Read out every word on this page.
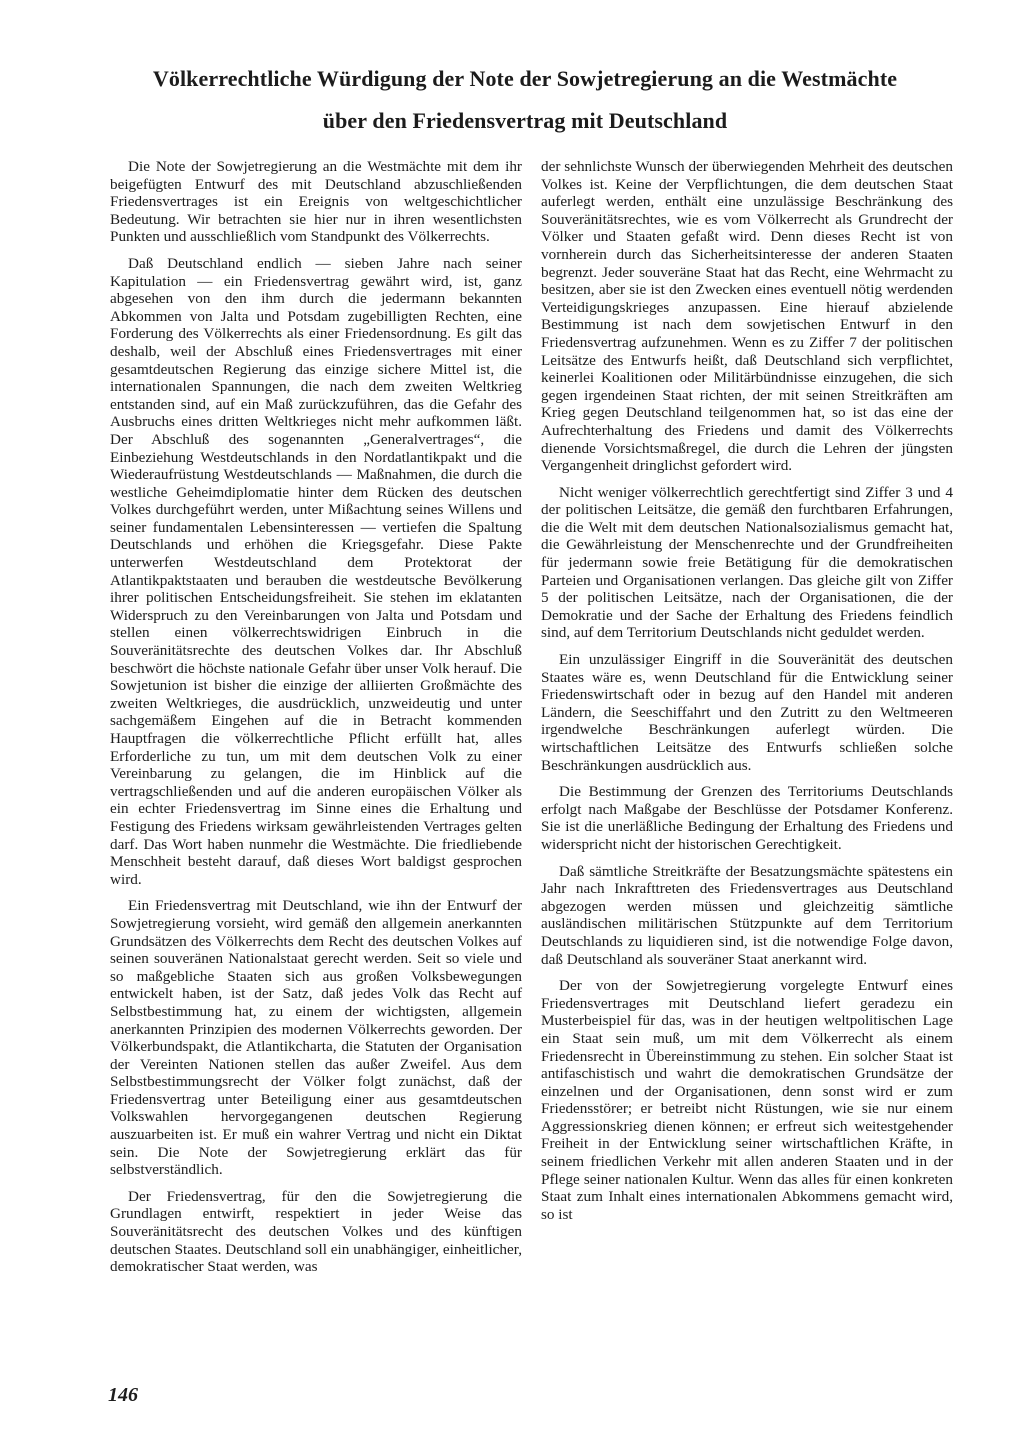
Völkerrechtliche Würdigung der Note der Sowjetregierung an die Westmächte

über den Friedensvertrag mit Deutschland

Die Note der Sowjetregierung an die Westmächte mit dem ihr beigefügten Entwurf des mit Deutschland abzuschließenden Friedensvertrages ist ein Ereignis von weltgeschichtlicher Bedeutung. Wir betrachten sie hier nur in ihren wesentlichsten Punkten und ausschließlich vom Standpunkt des Völkerrechts.

Daß Deutschland endlich — sieben Jahre nach seiner Kapitulation — ein Friedensvertrag gewährt wird, ist, ganz abgesehen von den ihm durch die jedermann bekannten Abkommen von Jalta und Potsdam zugebilligten Rechten, eine Forderung des Völkerrechts als einer Friedensordnung. Es gilt das deshalb, weil der Abschluß eines Friedensvertrages mit einer gesamtdeutschen Regierung das einzige sichere Mittel ist, die internationalen Spannungen, die nach dem zweiten Weltkrieg entstanden sind, auf ein Maß zurückzuführen, das die Gefahr des Ausbruchs eines dritten Weltkrieges nicht mehr aufkommen läßt. Der Abschluß des sogenannten „Generalvertrages“, die Einbeziehung Westdeutschlands in den Nordatlantikpakt und die Wiederaufrüstung Westdeutschlands — Maßnahmen, die durch die westliche Geheimdiplomatie hinter dem Rücken des deutschen Volkes durchgeführt werden, unter Mißachtung seines Willens und seiner fundamentalen Lebensinteressen — vertiefen die Spaltung Deutschlands und erhöhen die Kriegsgefahr. Diese Pakte unterwerfen Westdeutschland dem Protektorat der Atlantikpaktstaaten und berauben die westdeutsche Bevölkerung ihrer politischen Entscheidungsfreiheit. Sie stehen im eklatanten Widerspruch zu den Vereinbarungen von Jalta und Potsdam und stellen einen völkerrechtswidrigen Einbruch in die Souveränitätsrechte des deutschen Volkes dar. Ihr Abschluß beschwört die höchste nationale Gefahr über unser Volk herauf. Die Sowjetunion ist bisher die einzige der alliierten Großmächte des zweiten Weltkrieges, die ausdrücklich, unzweideutig und unter sachgemäßem Eingehen auf die in Betracht kommenden Hauptfragen die völkerrechtliche Pflicht erfüllt hat, alles Erforderliche zu tun, um mit dem deutschen Volk zu einer Vereinbarung zu gelangen, die im Hinblick auf die vertragschließenden und auf die anderen europäischen Völker als ein echter Friedensvertrag im Sinne eines die Erhaltung und Festigung des Friedens wirksam gewährleistenden Vertrages gelten darf. Das Wort haben nunmehr die Westmächte. Die friedliebende Menschheit besteht darauf, daß dieses Wort baldigst gesprochen wird.

Ein Friedensvertrag mit Deutschland, wie ihn der Entwurf der Sowjetregierung vorsieht, wird gemäß den allgemein anerkannten Grundsätzen des Völkerrechts dem Recht des deutschen Volkes auf seinen souveränen Nationalstaat gerecht werden. Seit so viele und so maßgebliche Staaten sich aus großen Volksbewegungen entwickelt haben, ist der Satz, daß jedes Volk das Recht auf Selbstbestimmung hat, zu einem der wichtigsten, allgemein anerkannten Prinzipien des modernen Völkerrechts geworden. Der Völkerbundspakt, die Atlantikcharta, die Statuten der Organisation der Vereinten Nationen stellen das außer Zweifel. Aus dem Selbstbestimmungsrecht der Völker folgt zunächst, daß der Friedensvertrag unter Beteiligung einer aus gesamtdeutschen Volkswahlen hervorgegangenen deutschen Regierung auszuarbeiten ist. Er muß ein wahrer Vertrag und nicht ein Diktat sein. Die Note der Sowjetregierung erklärt das für selbstverständlich.

Der Friedensvertrag, für den die Sowjetregierung die Grundlagen entwirft, respektiert in jeder Weise das Souveränitätsrecht des deutschen Volkes und des künftigen deutschen Staates. Deutschland soll ein unabhängiger, einheitlicher, demokratischer Staat werden, was

der sehnlichste Wunsch der überwiegenden Mehrheit des deutschen Volkes ist. Keine der Verpflichtungen, die dem deutschen Staat auferlegt werden, enthält eine unzulässige Beschränkung des Souveränitätsrechtes, wie es vom Völkerrecht als Grundrecht der Völker und Staaten gefaßt wird. Denn dieses Recht ist von vornherein durch das Sicherheitsinteresse der anderen Staaten begrenzt. Jeder souveräne Staat hat das Recht, eine Wehrmacht zu besitzen, aber sie ist den Zwecken eines eventuell nötig werdenden Verteidigungskrieges anzupassen. Eine hierauf abzielende Bestimmung ist nach dem sowjetischen Entwurf in den Friedensvertrag aufzunehmen. Wenn es zu Ziffer 7 der politischen Leitsätze des Entwurfs heißt, daß Deutschland sich verpflichtet, keinerlei Koalitionen oder Militärbündnisse einzugehen, die sich gegen irgendeinen Staat richten, der mit seinen Streitkräften am Krieg gegen Deutschland teilgenommen hat, so ist das eine der Aufrechterhaltung des Friedens und damit des Völkerrechts dienende Vorsichtsmaßregel, die durch die Lehren der jüngsten Vergangenheit dringlichst gefordert wird.

Nicht weniger völkerrechtlich gerechtfertigt sind Ziffer 3 und 4 der politischen Leitsätze, die gemäß den furchtbaren Erfahrungen, die die Welt mit dem deutschen Nationalsozialismus gemacht hat, die Gewährleistung der Menschenrechte und der Grundfreiheiten für jedermann sowie freie Betätigung für die demokratischen Parteien und Organisationen verlangen. Das gleiche gilt von Ziffer 5 der politischen Leitsätze, nach der Organisationen, die der Demokratie und der Sache der Erhaltung des Friedens feindlich sind, auf dem Territorium Deutschlands nicht geduldet werden.

Ein unzulässiger Eingriff in die Souveränität des deutschen Staates wäre es, wenn Deutschland für die Entwicklung seiner Friedenswirtschaft oder in bezug auf den Handel mit anderen Ländern, die Seeschiffahrt und den Zutritt zu den Weltmeeren irgendwelche Beschränkungen auferlegt würden. Die wirtschaftlichen Leitsätze des Entwurfs schließen solche Beschränkungen ausdrücklich aus.

Die Bestimmung der Grenzen des Territoriums Deutschlands erfolgt nach Maßgabe der Beschlüsse der Potsdamer Konferenz. Sie ist die unerläßliche Bedingung der Erhaltung des Friedens und widerspricht nicht der historischen Gerechtigkeit.

Daß sämtliche Streitkräfte der Besatzungsmächte spätestens ein Jahr nach Inkrafttreten des Friedensvertrages aus Deutschland abgezogen werden müssen und gleichzeitig sämtliche ausländischen militärischen Stützpunkte auf dem Territorium Deutschlands zu liquidieren sind, ist die notwendige Folge davon, daß Deutschland als souveräner Staat anerkannt wird.

Der von der Sowjetregierung vorgelegte Entwurf eines Friedensvertrages mit Deutschland liefert geradezu ein Musterbeispiel für das, was in der heutigen weltpolitischen Lage ein Staat sein muß, um mit dem Völkerrecht als einem Friedensrecht in Übereinstimmung zu stehen. Ein solcher Staat ist antifaschistisch und wahrt die demokratischen Grundsätze der einzelnen und der Organisationen, denn sonst wird er zum Friedensstörer; er betreibt nicht Rüstungen, wie sie nur einem Aggressionskrieg dienen können; er erfreut sich weitestgehender Freiheit in der Entwicklung seiner wirtschaftlichen Kräfte, in seinem friedlichen Verkehr mit allen anderen Staaten und in der Pflege seiner nationalen Kultur. Wenn das alles für einen konkreten Staat zum Inhalt eines internationalen Abkommens gemacht wird, so ist

146
